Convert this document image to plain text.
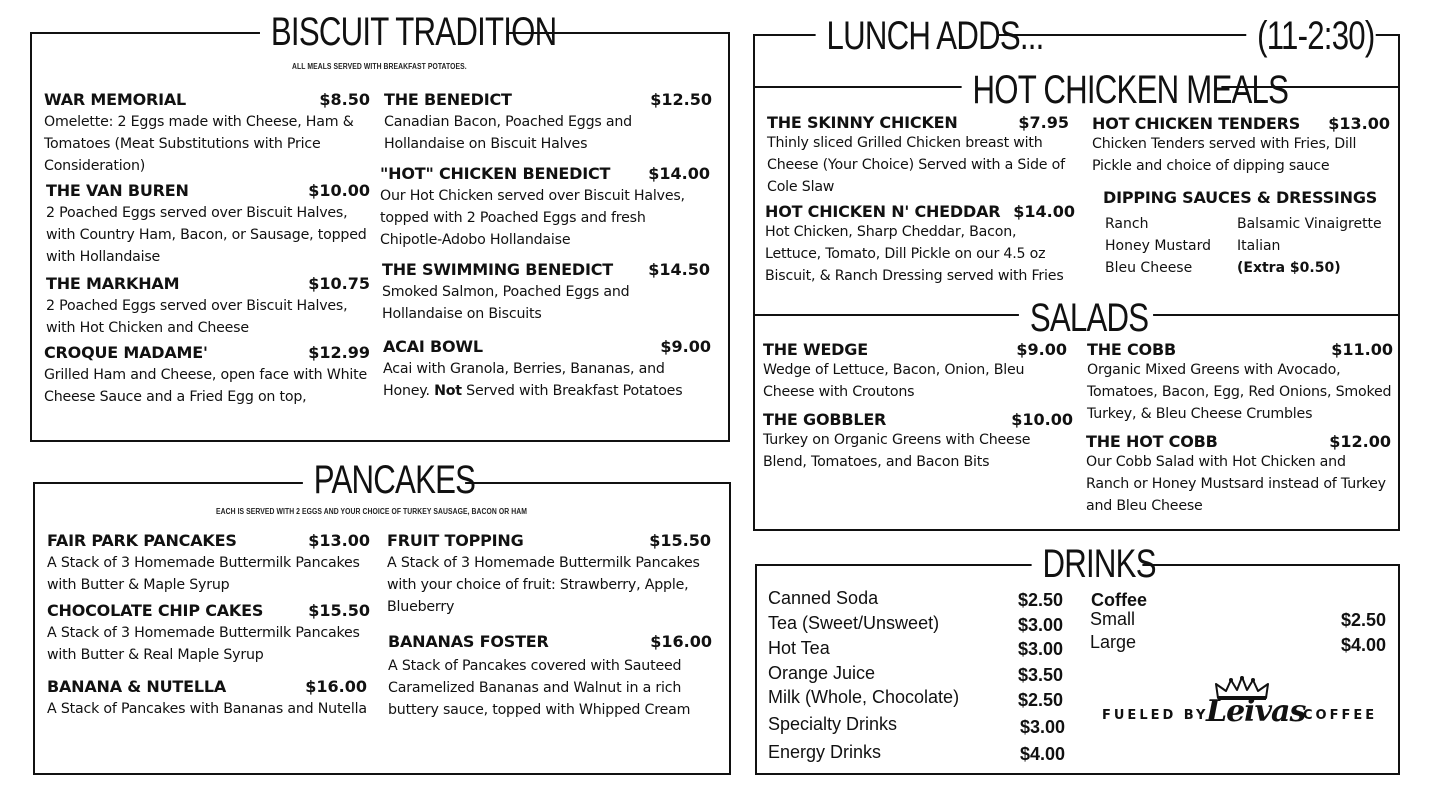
BISCUIT TRADITION
ALL MEALS SERVED WITH BREAKFAST POTATOES.
WAR MEMORIAL	$8.50
Omelette: 2 Eggs made with Cheese, Ham & Tomatoes (Meat Substitutions with Price Consideration)
THE VAN BUREN	$10.00
2 Poached Eggs served over Biscuit Halves, with Country Ham, Bacon, or Sausage, topped with Hollandaise
THE MARKHAM	$10.75
2 Poached Eggs served over Biscuit Halves, with Hot Chicken and Cheese
CROQUE MADAME'	$12.99
Grilled Ham and Cheese, open face with White Cheese Sauce and a Fried Egg on top,
THE BENEDICT	$12.50
Canadian Bacon, Poached Eggs and Hollandaise on Biscuit Halves
"HOT" CHICKEN BENEDICT $14.00
Our Hot Chicken served over Biscuit Halves, topped with 2 Poached Eggs and fresh Chipotle-Adobo Hollandaise
THE SWIMMING BENEDICT $14.50
Smoked Salmon, Poached Eggs and Hollandaise on Biscuits
ACAI BOWL	$9.00
Acai with Granola, Berries, Bananas, and Honey. Not Served with Breakfast Potatoes
PANCAKES
EACH IS SERVED WITH 2 EGGS AND YOUR CHOICE OF TURKEY SAUSAGE, BACON OR HAM
FAIR PARK PANCAKES	$13.00
A Stack of 3 Homemade Buttermilk Pancakes with Butter & Maple Syrup
CHOCOLATE CHIP CAKES	$15.50
A Stack of 3 Homemade Buttermilk Pancakes with Butter & Real Maple Syrup
BANANA & NUTELLA	$16.00
A Stack of Pancakes with Bananas and Nutella
FRUIT TOPPING	$15.50
A Stack of 3 Homemade Buttermilk Pancakes with your choice of fruit: Strawberry, Apple, Blueberry
BANANAS FOSTER	$16.00
A Stack of Pancakes covered with Sauteed Caramelized Bananas and Walnut in a rich buttery sauce, topped with Whipped Cream
LUNCH ADDS...	(11-2:30)
HOT CHICKEN MEALS
THE SKINNY CHICKEN	$7.95
Thinly sliced Grilled Chicken breast with Cheese (Your Choice) Served with a Side of Cole Slaw
HOT CHICKEN N' CHEDDAR $14.00
Hot Chicken, Sharp Cheddar, Bacon, Lettuce, Tomato, Dill Pickle on our 4.5 oz Biscuit, & Ranch Dressing served with Fries
HOT CHICKEN TENDERS $13.00
Chicken Tenders served with Fries, Dill Pickle and choice of dipping sauce
DIPPING SAUCES & DRESSINGS
Ranch
Honey Mustard
Bleu Cheese
Balsamic Vinaigrette
Italian
(Extra $0.50)
SALADS
THE WEDGE	$9.00
Wedge of Lettuce, Bacon, Onion, Bleu Cheese with Croutons
THE GOBBLER	$10.00
Turkey on Organic Greens with Cheese Blend, Tomatoes, and Bacon Bits
THE COBB	$11.00
Organic Mixed Greens with Avocado, Tomatoes, Bacon, Egg, Red Onions, Smoked Turkey, & Bleu Cheese Crumbles
THE HOT COBB	$12.00
Our Cobb Salad with Hot Chicken and Ranch or Honey Mustsard instead of Turkey and Bleu Cheese
DRINKS
Canned Soda	$2.50
Tea (Sweet/Unsweet)	$3.00
Hot Tea	$3.00
Orange Juice	$3.50
Milk (Whole, Chocolate)	$2.50
Specialty Drinks	$3.00
Energy Drinks	$4.00
Coffee
Small	$2.50
Large	$4.00
FUELED BY
Leivas
COFFEE
